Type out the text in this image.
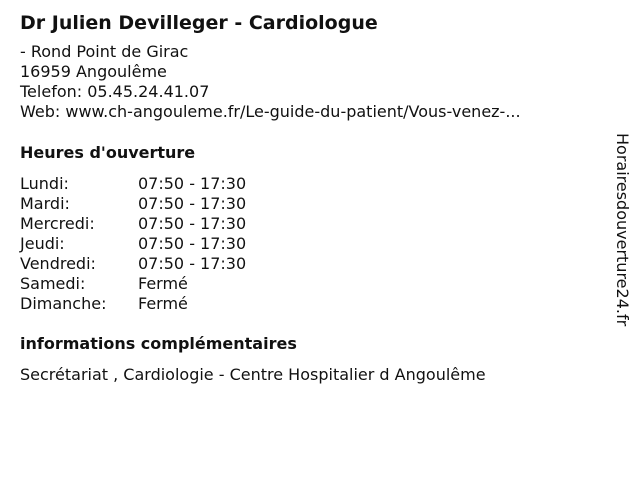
Dr Julien Devilleger - Cardiologue
- Rond Point de Girac
16959 Angoulême
Telefon: 05.45.24.41.07
Web: www.ch-angouleme.fr/Le-guide-du-patient/Vous-venez-...
Heures d'ouverture
Lundi:	07:50 - 17:30
Mardi:	07:50 - 17:30
Mercredi:	07:50 - 17:30
Jeudi:	07:50 - 17:30
Vendredi:	07:50 - 17:30
Samedi:	Fermé
Dimanche:	Fermé
informations complémentaires
Secrétariat , Cardiologie - Centre Hospitalier d Angoulême
Horairesdouverture24.fr
